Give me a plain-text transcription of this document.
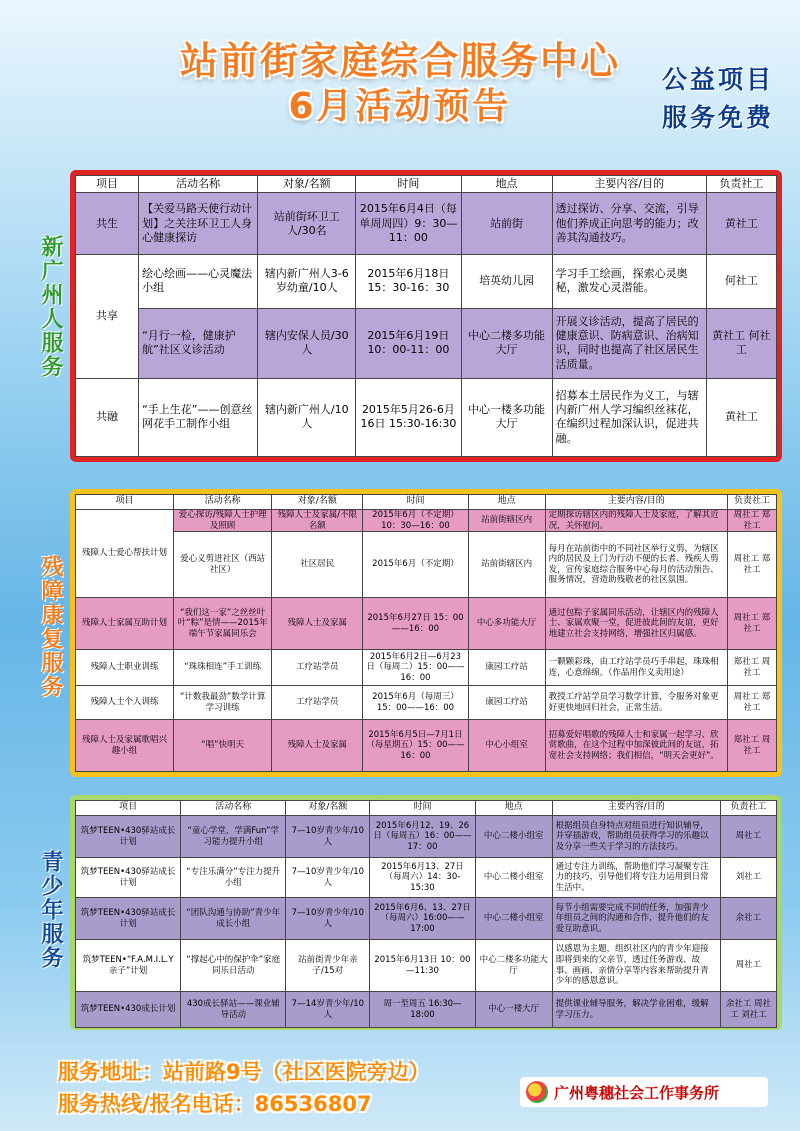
站前街家庭综合服务中心
6月活动预告
公益项目
服务免费
新广州人服务
残障康复服务
青少年服务
项目	活动名称	对象/名额	时间	地点	主要内容/目的	负责社工
共生	【关爱马路天使行动计划】之关注环卫工人身心健康探访	站前街环卫工人/30名	2015年6月4日（每单周周四）9：30—11：00	站前街	透过探访、分享、交流，引导他们养成正向思考的能力；改善其沟通技巧。	黄社工
共享	绘心绘画——心灵魔法小组	辖内新广州人3-6岁幼童/10人	2015年6月18日15：30-16：30	培英幼儿园	学习手工绘画，探索心灵奥秘，激发心灵潜能。	何社工
	“月行一检，健康护航”社区义诊活动	辖内安保人员/30人	2015年6月19日10：00-11：00	中心二楼多功能大厅	开展义诊活动，提高了居民的健康意识、防病意识、治病知识，同时也提高了社区居民生活质量。	黄社工 何社工
共融	“手上生花”——创意丝网花手工制作小组	辖内新广州人/10人	2015年5月26-6月16日 15:30-16:30	中心一楼多功能大厅	招募本土居民作为义工，与辖内新广州人学习编织丝袜花，在编织过程加深认识，促进共融。	黄社工
项目	活动名称	对象/名额	时间	地点	主要内容/目的	负责社工
残障人士爱心帮扶计划	爱心探访/残障人士护理及照顾	残障人士及家属/不限名额	2015年6月（不定期）10：30—16：00	站前街辖区内	定期探访辖区内的残障人士及家庭，了解其近况，关怀慰问。	周社工 郑社工
	爱心义剪进社区（西站社区）	社区居民	2015年6月（不定期）	站前街辖区内	每月在站前街中的不同社区举行义剪，为辖区内的居民及上门为行动不便的长者、残疾人剪发，宣传家庭综合服务中心每月的活动预告、服务情况，营造助残敬老的社区氛围。	周社工 郑社工
残障人士家属互助计划	“我们这一家”之丝丝叶叶“粽”是情——2015年端午节家属同乐会	残障人士及家属	2015年6月27日 15：00——16：00	中心多功能大厅	通过包粽子家属同乐活动，让辖区内的残障人士、家属欢聚一堂，促进彼此间的友谊，更好地建立社会支持网络，增强社区归属感。	周社工 郑社工
残障人士职业训练	“珠珠相连”手工训练	工疗站学员	2015年6月2日—6月23日（每周二）15：00——16：00	康园工疗站	一颗颗彩珠，由工疗站学员巧手串起，珠珠相连，心意绵绵。（作品用作义卖用途）	郑社工 周社工
残障人士个人训练	“计数我最劲”数学计算学习训练	工疗站学员	2015年6月（每周三）15：00——16：00	康园工疗站	教授工疗站学员学习数学计算，令服务对象更好更快地回归社会，正常生活。	周社工 郑社工
残障人士及家属歌唱兴趣小组	“唱”快明天	残障人士及家属	2015年6月5日—7月1日（每星期五）15：00——16：00	中心小组室	招募爱好唱歌的残障人士和家属一起学习、欣赏歌曲，在这个过程中加深彼此间的友谊，拓宽社会支持网络；我们相信，“明天会更好”。	郑社工 周社工
项目	活动名称	对象/名额	时间	地点	主要内容/目的	负责社工
筑梦TEEN•430驿站成长计划	“童心学堂，学满Fun”学习能力提升小组	7—10岁青少年/10人	2015年6月12、19、26日（每周五）16：00——17：00	中心二楼小组室	根据组员自身特点对组员进行知识辅导，并穿插游戏，帮助组员获得学习的乐趣以及分享一些关于学习的方法技巧。	周社工
筑梦TEEN•430驿站成长计划	“专注乐满分”专注力提升小组	7—10岁青少年/10人	2015年6月13、27日（每周六）14：30-15:30	中心二楼小组室	通过专注力训练，帮助他们学习凝聚专注力的技巧，引导他们将专注力运用到日常生活中。	刘社工
筑梦TEEN•430驿站成长计划	“团队沟通与协助”青少年成长小组	7—10岁青少年/10人	2015年6月6、13、27日（每周六）16:00——17:00	中心二楼小组室	每节小组需要完成不同的任务，加强青少年组员之间的沟通和合作，提升他们的友爱互助意识。	余社工
筑梦TEEN•“F.A.M.I.L.Y亲子”计划	“撑起心中的保护伞”家庭同乐日活动	站前街青少年亲子/15对	2015年6月13日 10：00—11:30	中心二楼多功能大厅	以感恩为主题，组织社区内的青少年迎接即将到来的父亲节，透过任务游戏、故事、画画、亲情分享等内容来帮助提升青少年的感恩意识。	周社工
筑梦TEEN•430成长计划	430成长驿站——课业辅导活动	7—14岁青少年/10人	周一至周五 16:30—18:00	中心一楼大厅	提供课业辅导服务，解决学业困难，缓解学习压力。	余社工 周社工 刘社工
服务地址：站前路9号（社区医院旁边）
服务热线/报名电话：86536807	广州粤穗社会工作事务所
